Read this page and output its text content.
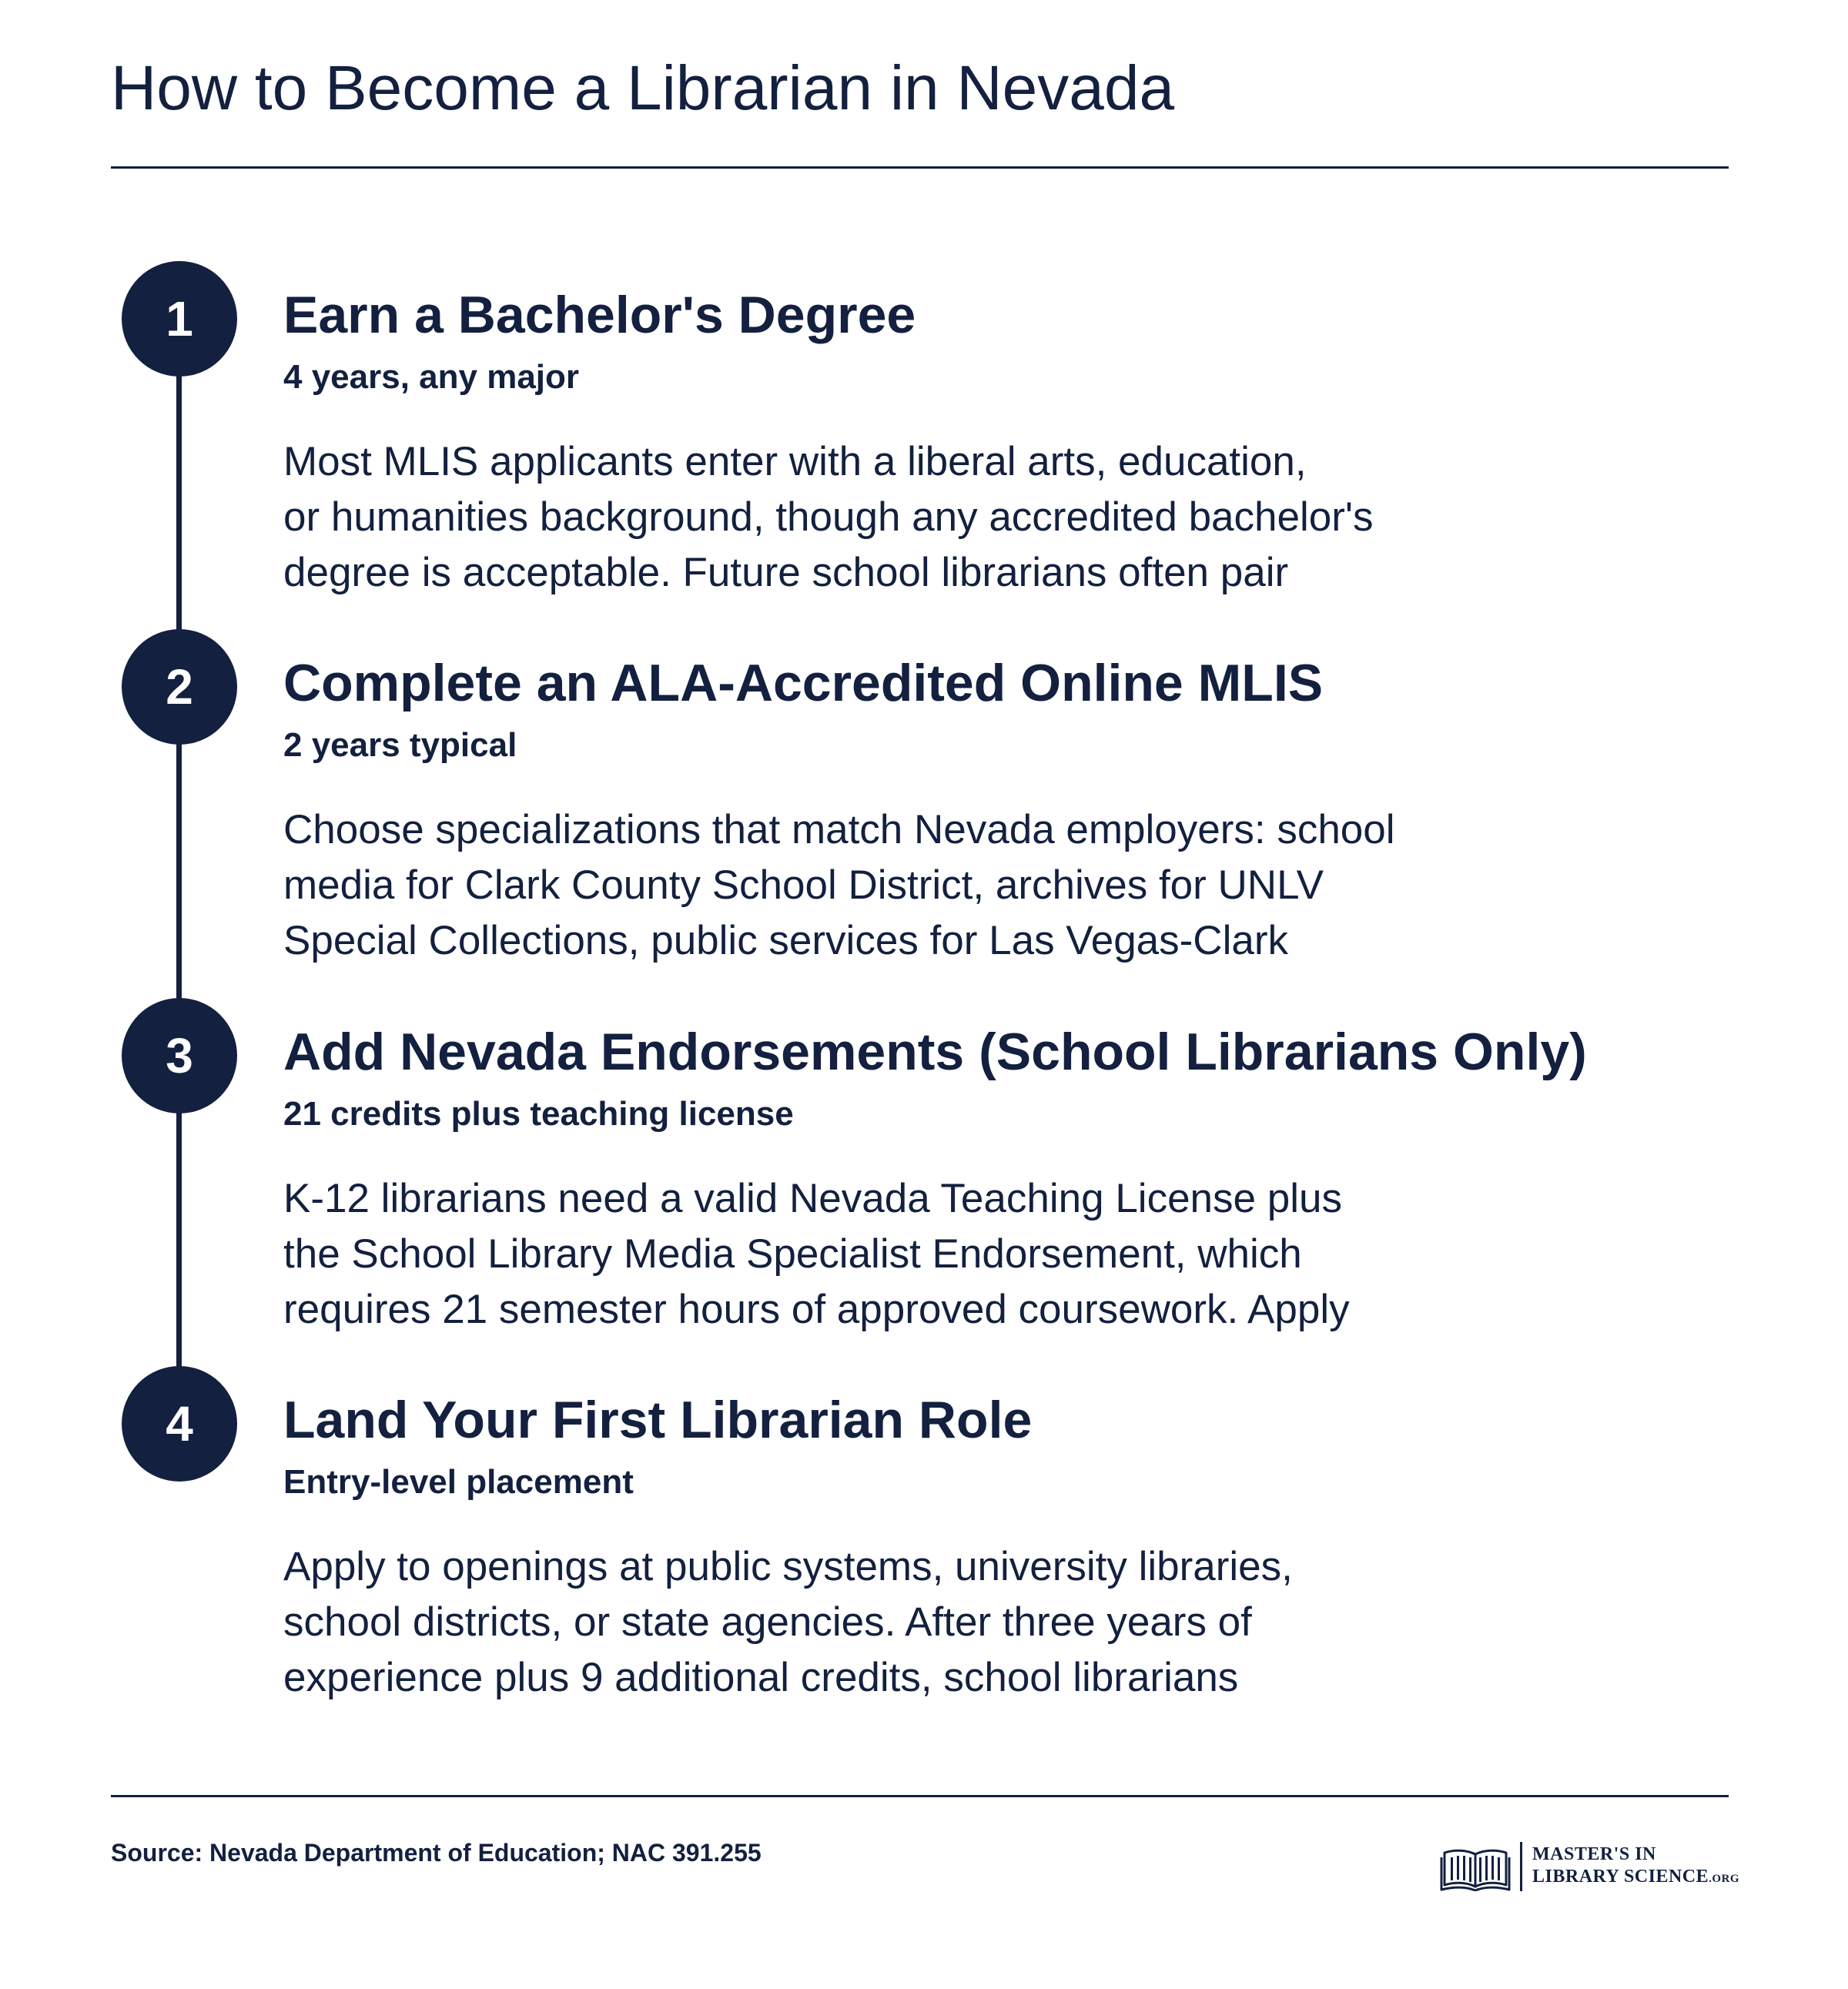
How to Become a Librarian in Nevada
1	Earn a Bachelor's Degree

4 years, any major

Most MLIS applicants enter with a liberal arts, education,
or humanities background, though any accredited bachelor's
degree is acceptable. Future school librarians often pair

2	Complete an ALA-Accredited Online MLIS

2 years typical

Choose specializations that match Nevada employers: school
media for Clark County School District, archives for UNLV
Special Collections, public services for Las Vegas-Clark

3	Add Nevada Endorsements (School Librarians Only)

21 credits plus teaching license

K-12 librarians need a valid Nevada Teaching License plus
the School Library Media Specialist Endorsement, which
requires 21 semester hours of approved coursework. Apply

4	Land Your First Librarian Role

Entry-level placement

Apply to openings at public systems, university libraries,
school districts, or state agencies. After three years of
experience plus 9 additional credits, school librarians

Source: Nevada Department of Education; NAC 391.255	MASTER'S IN
LIBRARY SCIENCE.ORG
